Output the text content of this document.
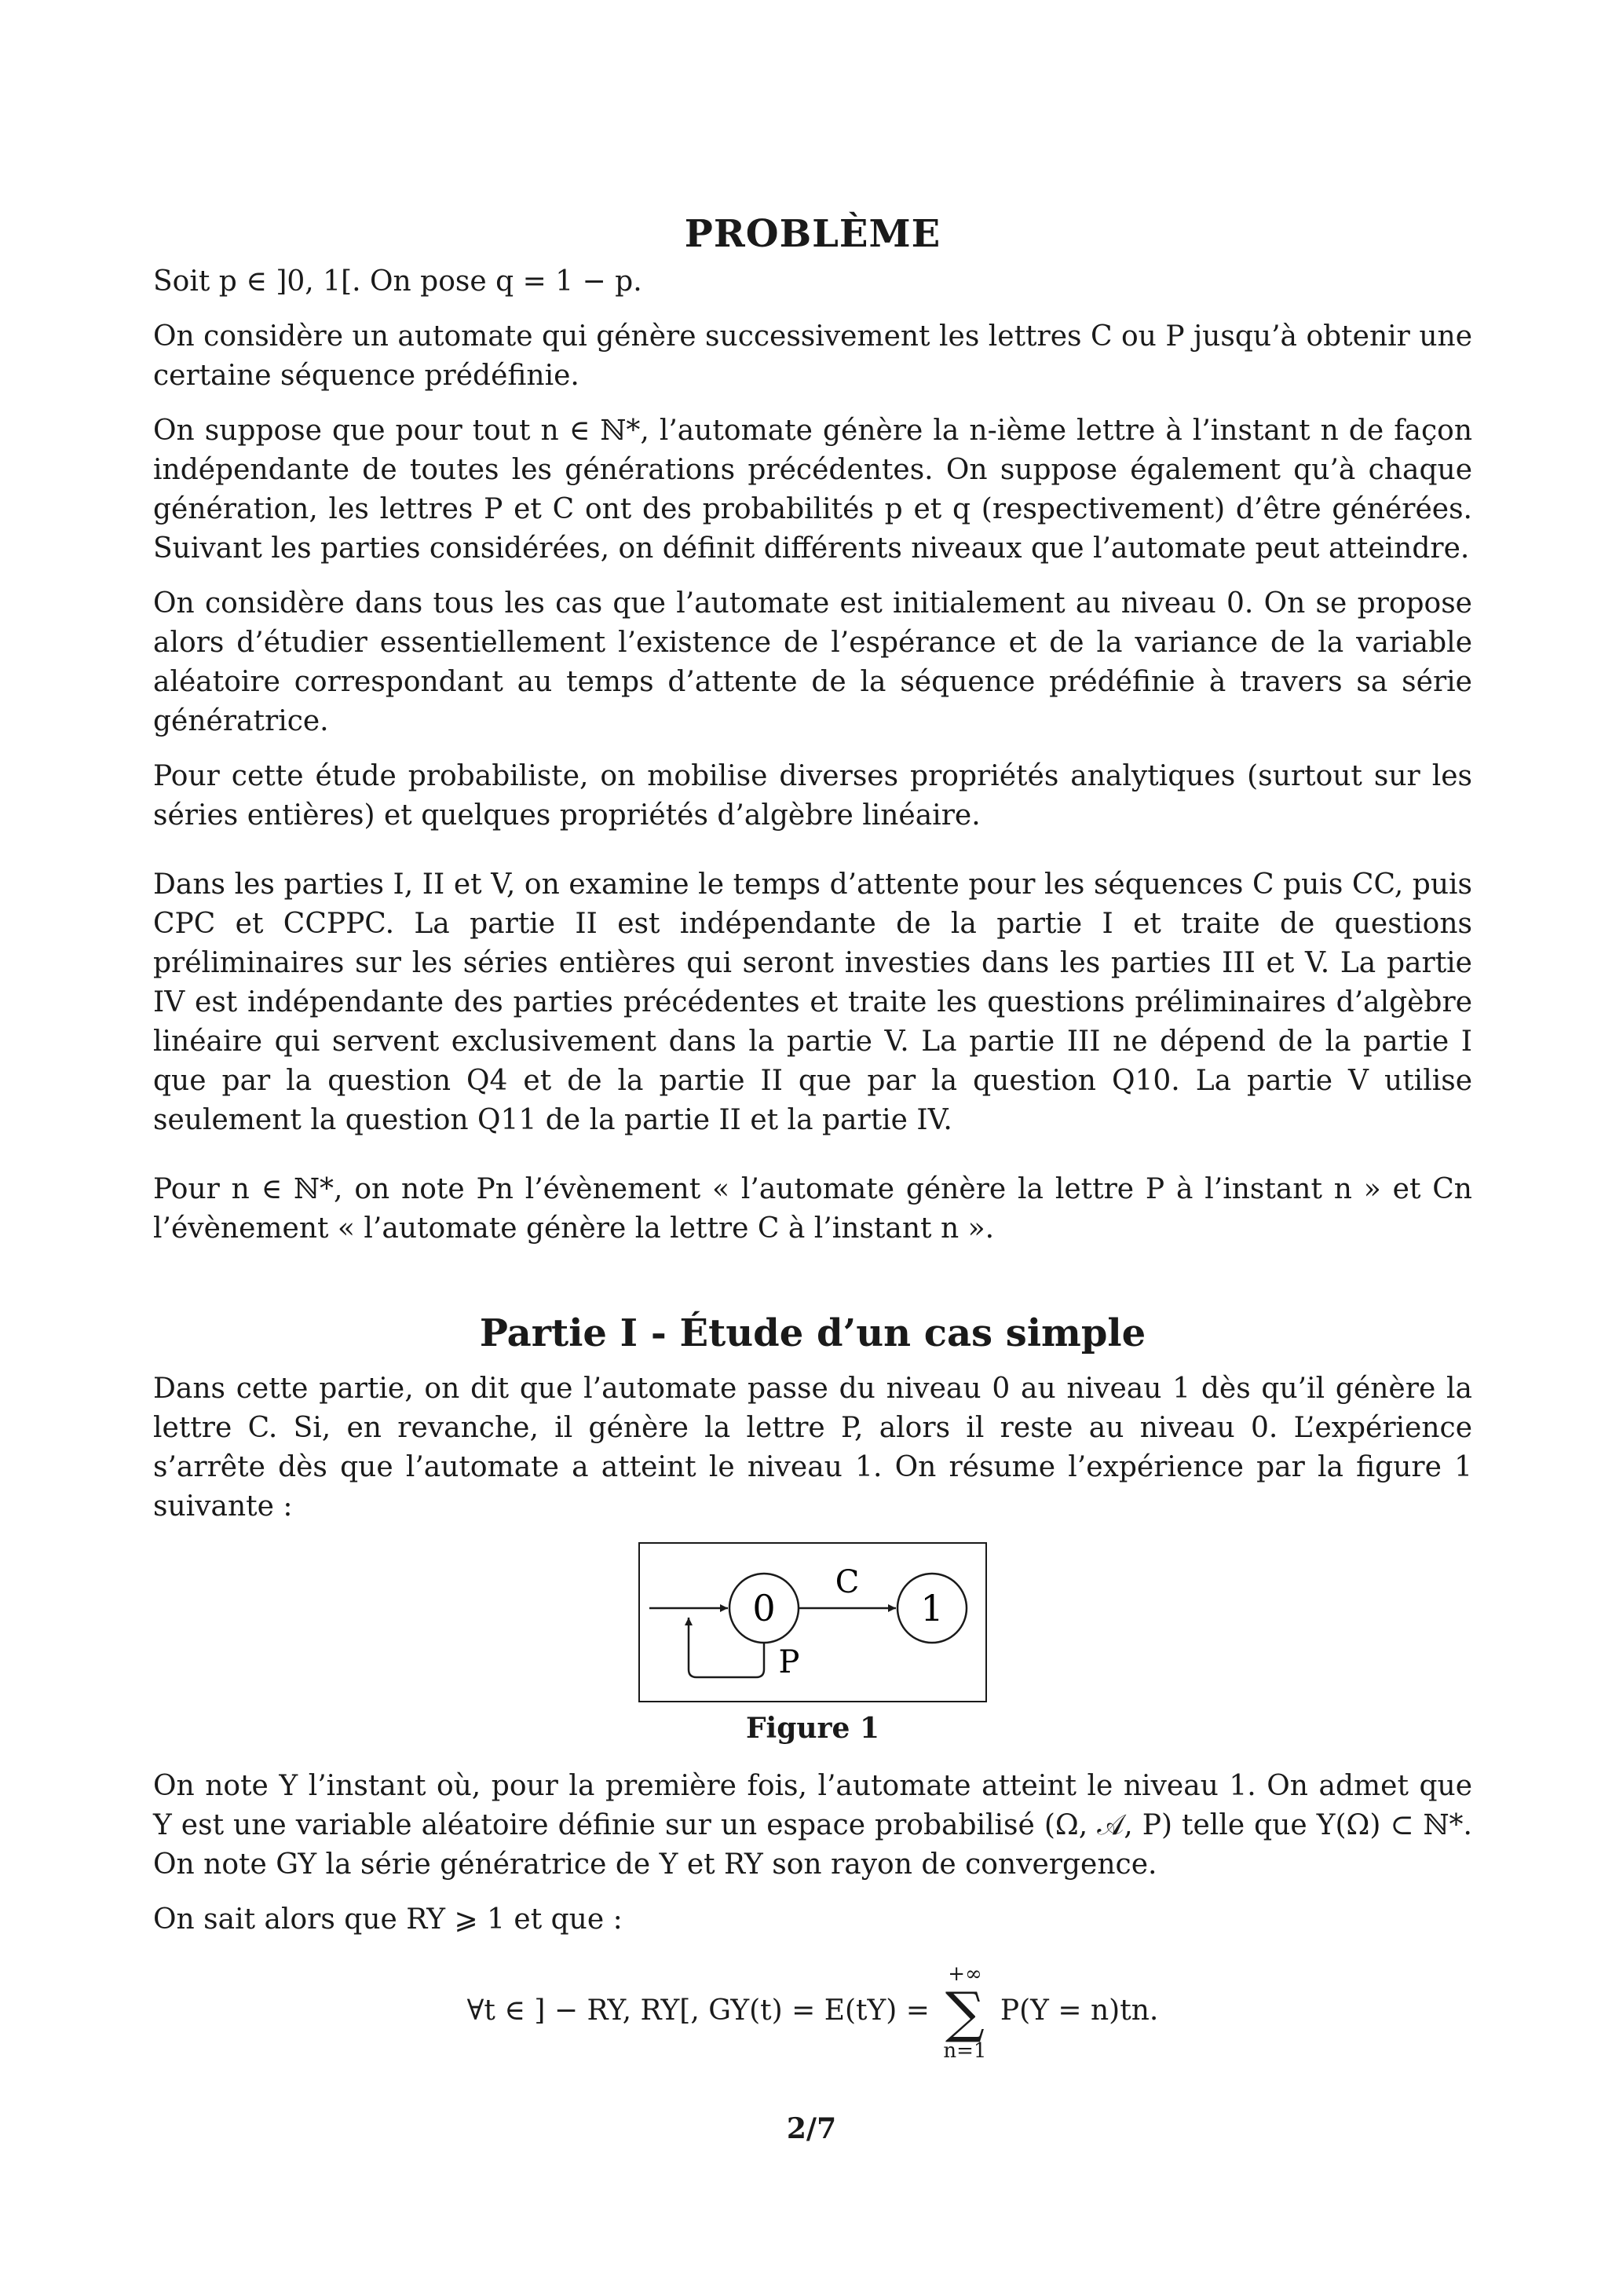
PROBLÈME

Soit p ∈ ]0, 1[. On pose q = 1 − p.

On considère un automate qui génère successivement les lettres C ou P jusqu’à obtenir une certaine séquence prédéfinie.

On suppose que pour tout n ∈ ℕ*, l’automate génère la n-ième lettre à l’instant n de façon indépendante de toutes les générations précédentes. On suppose également qu’à chaque génération, les lettres P et C ont des probabilités p et q (respectivement) d’être générées. Suivant les parties considérées, on définit différents niveaux que l’automate peut atteindre.

On considère dans tous les cas que l’automate est initialement au niveau 0. On se propose alors d’étudier essentiellement l’existence de l’espérance et de la variance de la variable aléatoire correspondant au temps d’attente de la séquence prédéfinie à travers sa série génératrice.

Pour cette étude probabiliste, on mobilise diverses propriétés analytiques (surtout sur les séries entières) et quelques propriétés d’algèbre linéaire.

Dans les parties I, II et V, on examine le temps d’attente pour les séquences C puis CC, puis CPC et CCPPC. La partie II est indépendante de la partie I et traite de questions préliminaires sur les séries entières qui seront investies dans les parties III et V. La partie IV est indépendante des parties précédentes et traite les questions préliminaires d’algèbre linéaire qui servent exclusivement dans la partie V. La partie III ne dépend de la partie I que par la question Q4 et de la partie II que par la question Q10. La partie V utilise seulement la question Q11 de la partie II et la partie IV.

Pour n ∈ ℕ*, on note Pn l’évènement « l’automate génère la lettre P à l’instant n » et Cn l’évènement « l’automate génère la lettre C à l’instant n ».

Partie I - Étude d’un cas simple

Dans cette partie, on dit que l’automate passe du niveau 0 au niveau 1 dès qu’il génère la lettre C. Si, en revanche, il génère la lettre P, alors il reste au niveau 0. L’expérience s’arrête dès que l’automate a atteint le niveau 1. On résume l’expérience par la figure 1 suivante :

0	1
C
P
Figure 1

On note Y l’instant où, pour la première fois, l’automate atteint le niveau 1. On admet que Y est une variable aléatoire définie sur un espace probabilisé (Ω, 𝒜, P) telle que Y(Ω) ⊂ ℕ*. On note GY la série génératrice de Y et RY son rayon de convergence.

On sait alors que RY ⩾ 1 et que :

∀t ∈ ] − RY, RY[, GY(t) = E(tY) = +∞
∑
n=1 P(Y = n)tn.
2/7
